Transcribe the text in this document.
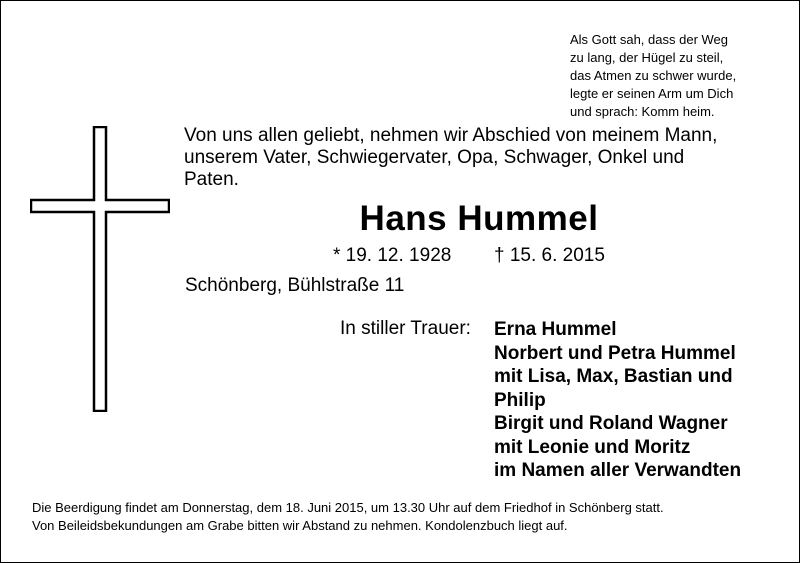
Als Gott sah, dass der Weg
zu lang, der Hügel zu steil,
das Atmen zu schwer wurde,
legte er seinen Arm um Dich
und sprach: Komm heim.
Von uns allen geliebt, nehmen wir Abschied von meinem Mann,
unserem Vater, Schwiegervater, Opa, Schwager, Onkel und
Paten.
Hans Hummel
* 19. 12. 1928 † 15. 6. 2015
Schönberg, Bühlstraße 11
In stiller Trauer: Erna Hummel
Norbert und Petra Hummel
mit Lisa, Max, Bastian und
Philip
Birgit und Roland Wagner
mit Leonie und Moritz
im Namen aller Verwandten
Die Beerdigung findet am Donnerstag, dem 18. Juni 2015, um 13.30 Uhr auf dem Friedhof in Schönberg statt.
Von Beileidsbekundungen am Grabe bitten wir Abstand zu nehmen. Kondolenzbuch liegt auf.
